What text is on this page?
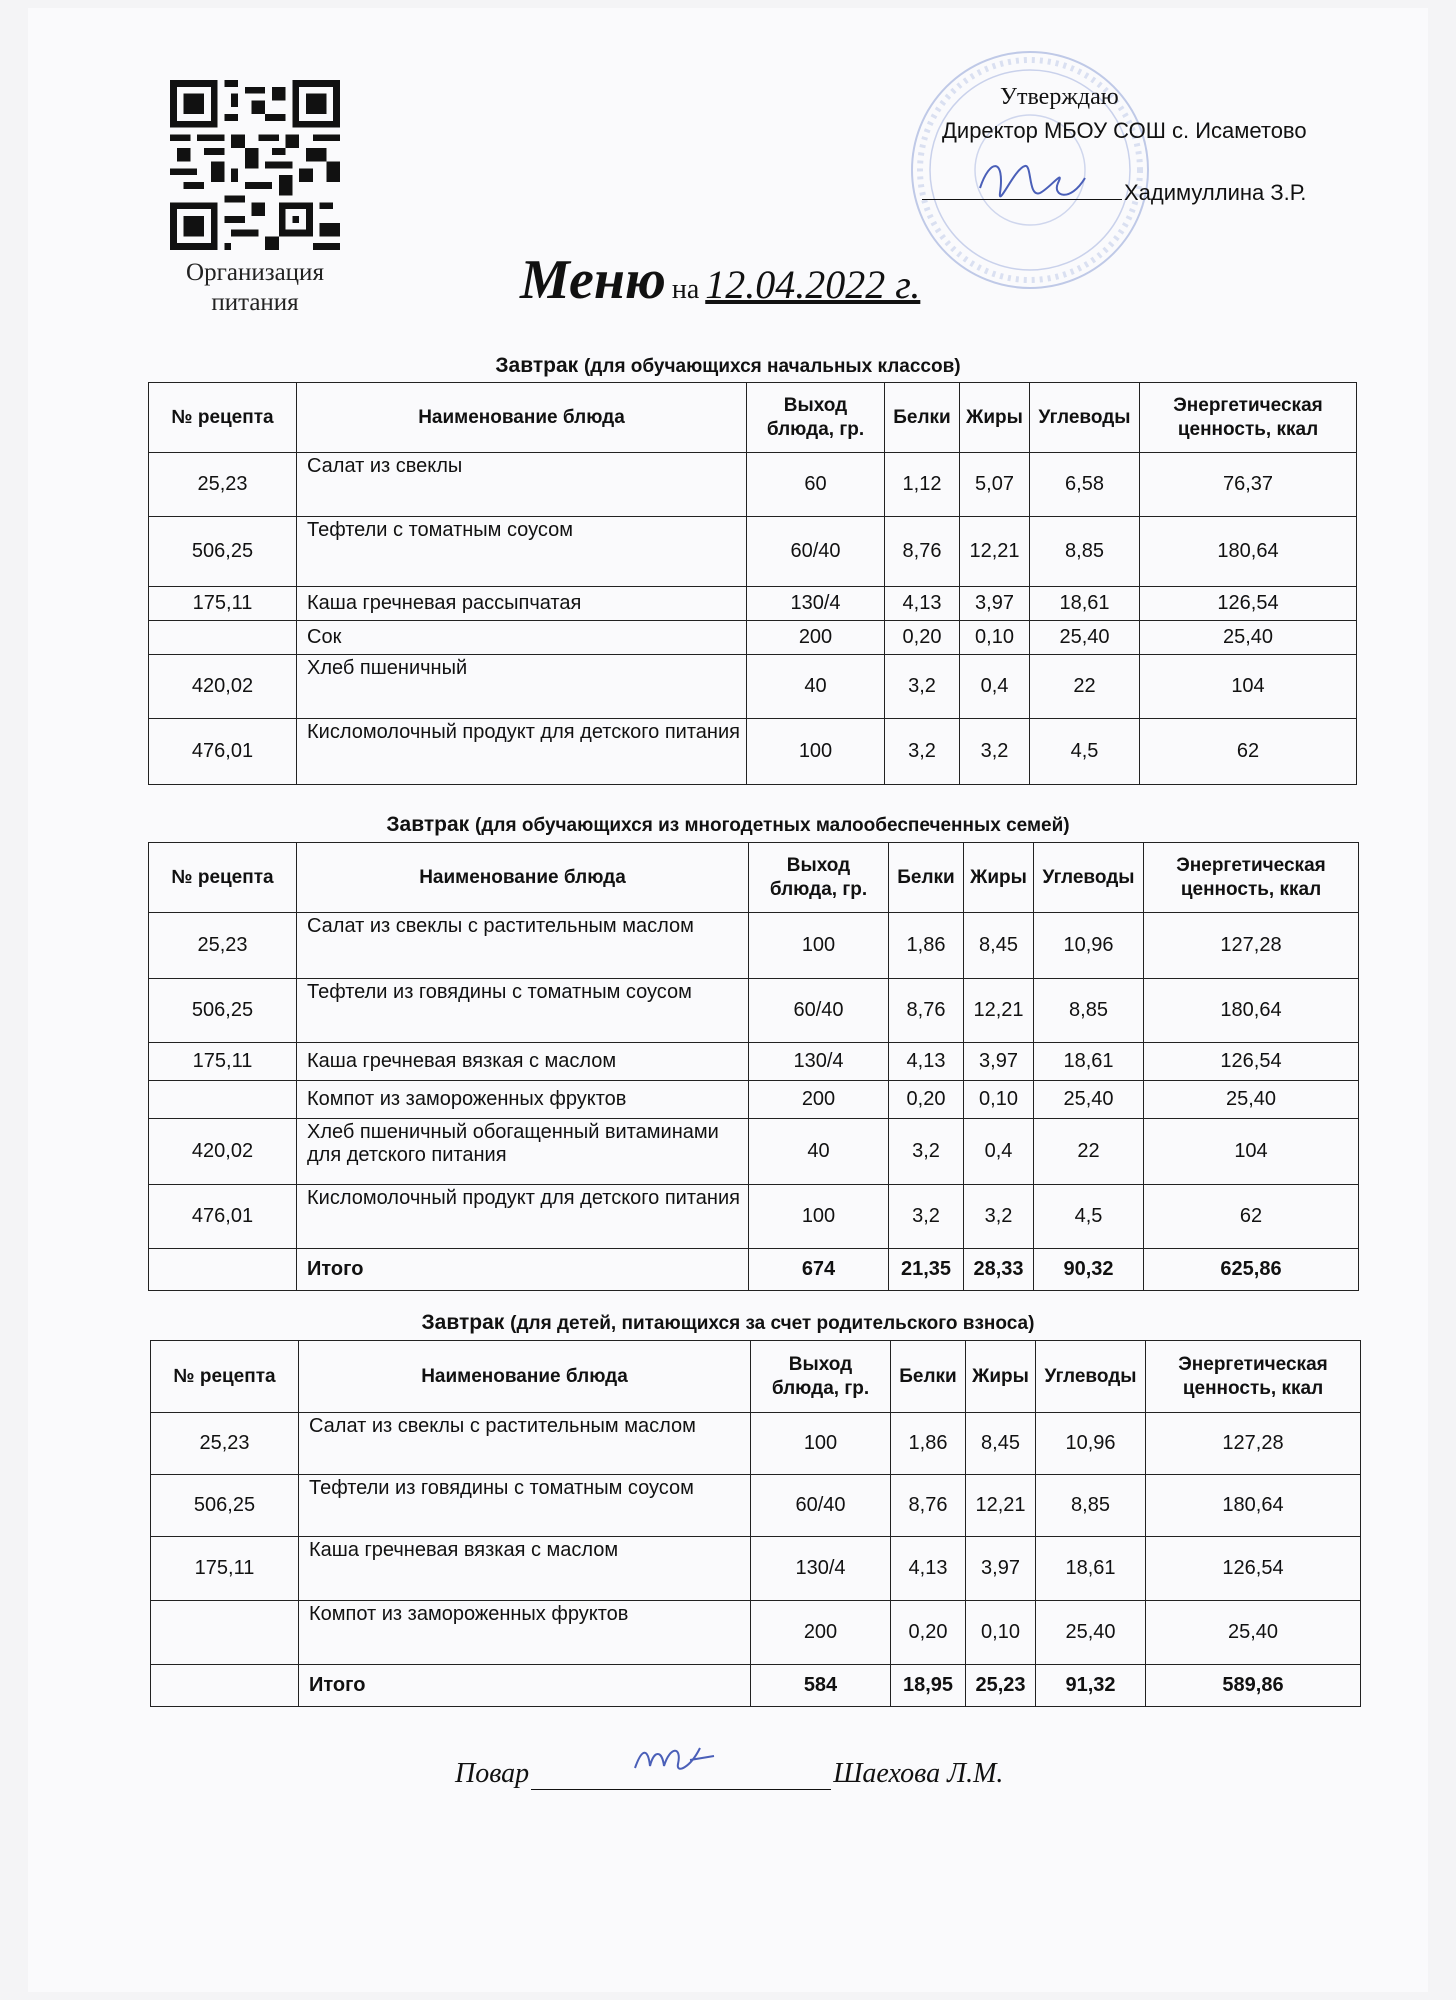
Организация питания
Утверждаю
Директор МБОУ СОШ с. Исаметово
Хадимуллина З.Р.
Меню на 12.04.2022 г.
Завтрак (для обучающихся начальных классов)
Завтрак (для обучающихся из многодетных малообеспеченных семей)
Завтрак (для детей, питающихся за счет родительского взноса)
№ рецепта	Наименование блюда	Выход блюда, гр.	Белки	Жиры	Углеводы	Энергетическая ценность, ккал
25,23	Салат из свеклы	60	1,12	5,07	6,58	76,37
506,25	Тефтели с томатным соусом	60/40	8,76	12,21	8,85	180,64
175,11	Каша гречневая рассыпчатая	130/4	4,13	3,97	18,61	126,54
	Сок	200	0,20	0,10	25,40	25,40
420,02	Хлеб пшеничный	40	3,2	0,4	22	104
476,01	Кисломолочный продукт для детского питания	100	3,2	3,2	4,5	62
№ рецепта	Наименование блюда	Выход блюда, гр.	Белки	Жиры	Углеводы	Энергетическая ценность, ккал
25,23	Салат из свеклы с растительным маслом	100	1,86	8,45	10,96	127,28
506,25	Тефтели из говядины с томатным соусом	60/40	8,76	12,21	8,85	180,64
175,11	Каша гречневая вязкая с маслом	130/4	4,13	3,97	18,61	126,54
	Компот из замороженных фруктов	200	0,20	0,10	25,40	25,40
420,02	Хлеб пшеничный обогащенный витаминами для детского питания	40	3,2	0,4	22	104
476,01	Кисломолочный продукт для детского питания	100	3,2	3,2	4,5	62
	Итого	674	21,35	28,33	90,32	625,86
№ рецепта	Наименование блюда	Выход блюда, гр.	Белки	Жиры	Углеводы	Энергетическая ценность, ккал
25,23	Салат из свеклы с растительным маслом	100	1,86	8,45	10,96	127,28
506,25	Тефтели из говядины с томатным соусом	60/40	8,76	12,21	8,85	180,64
175,11	Каша гречневая вязкая с маслом	130/4	4,13	3,97	18,61	126,54
	Компот из замороженных фруктов	200	0,20	0,10	25,40	25,40
	Итого	584	18,95	25,23	91,32	589,86
Повар	Шаехова Л.М.
